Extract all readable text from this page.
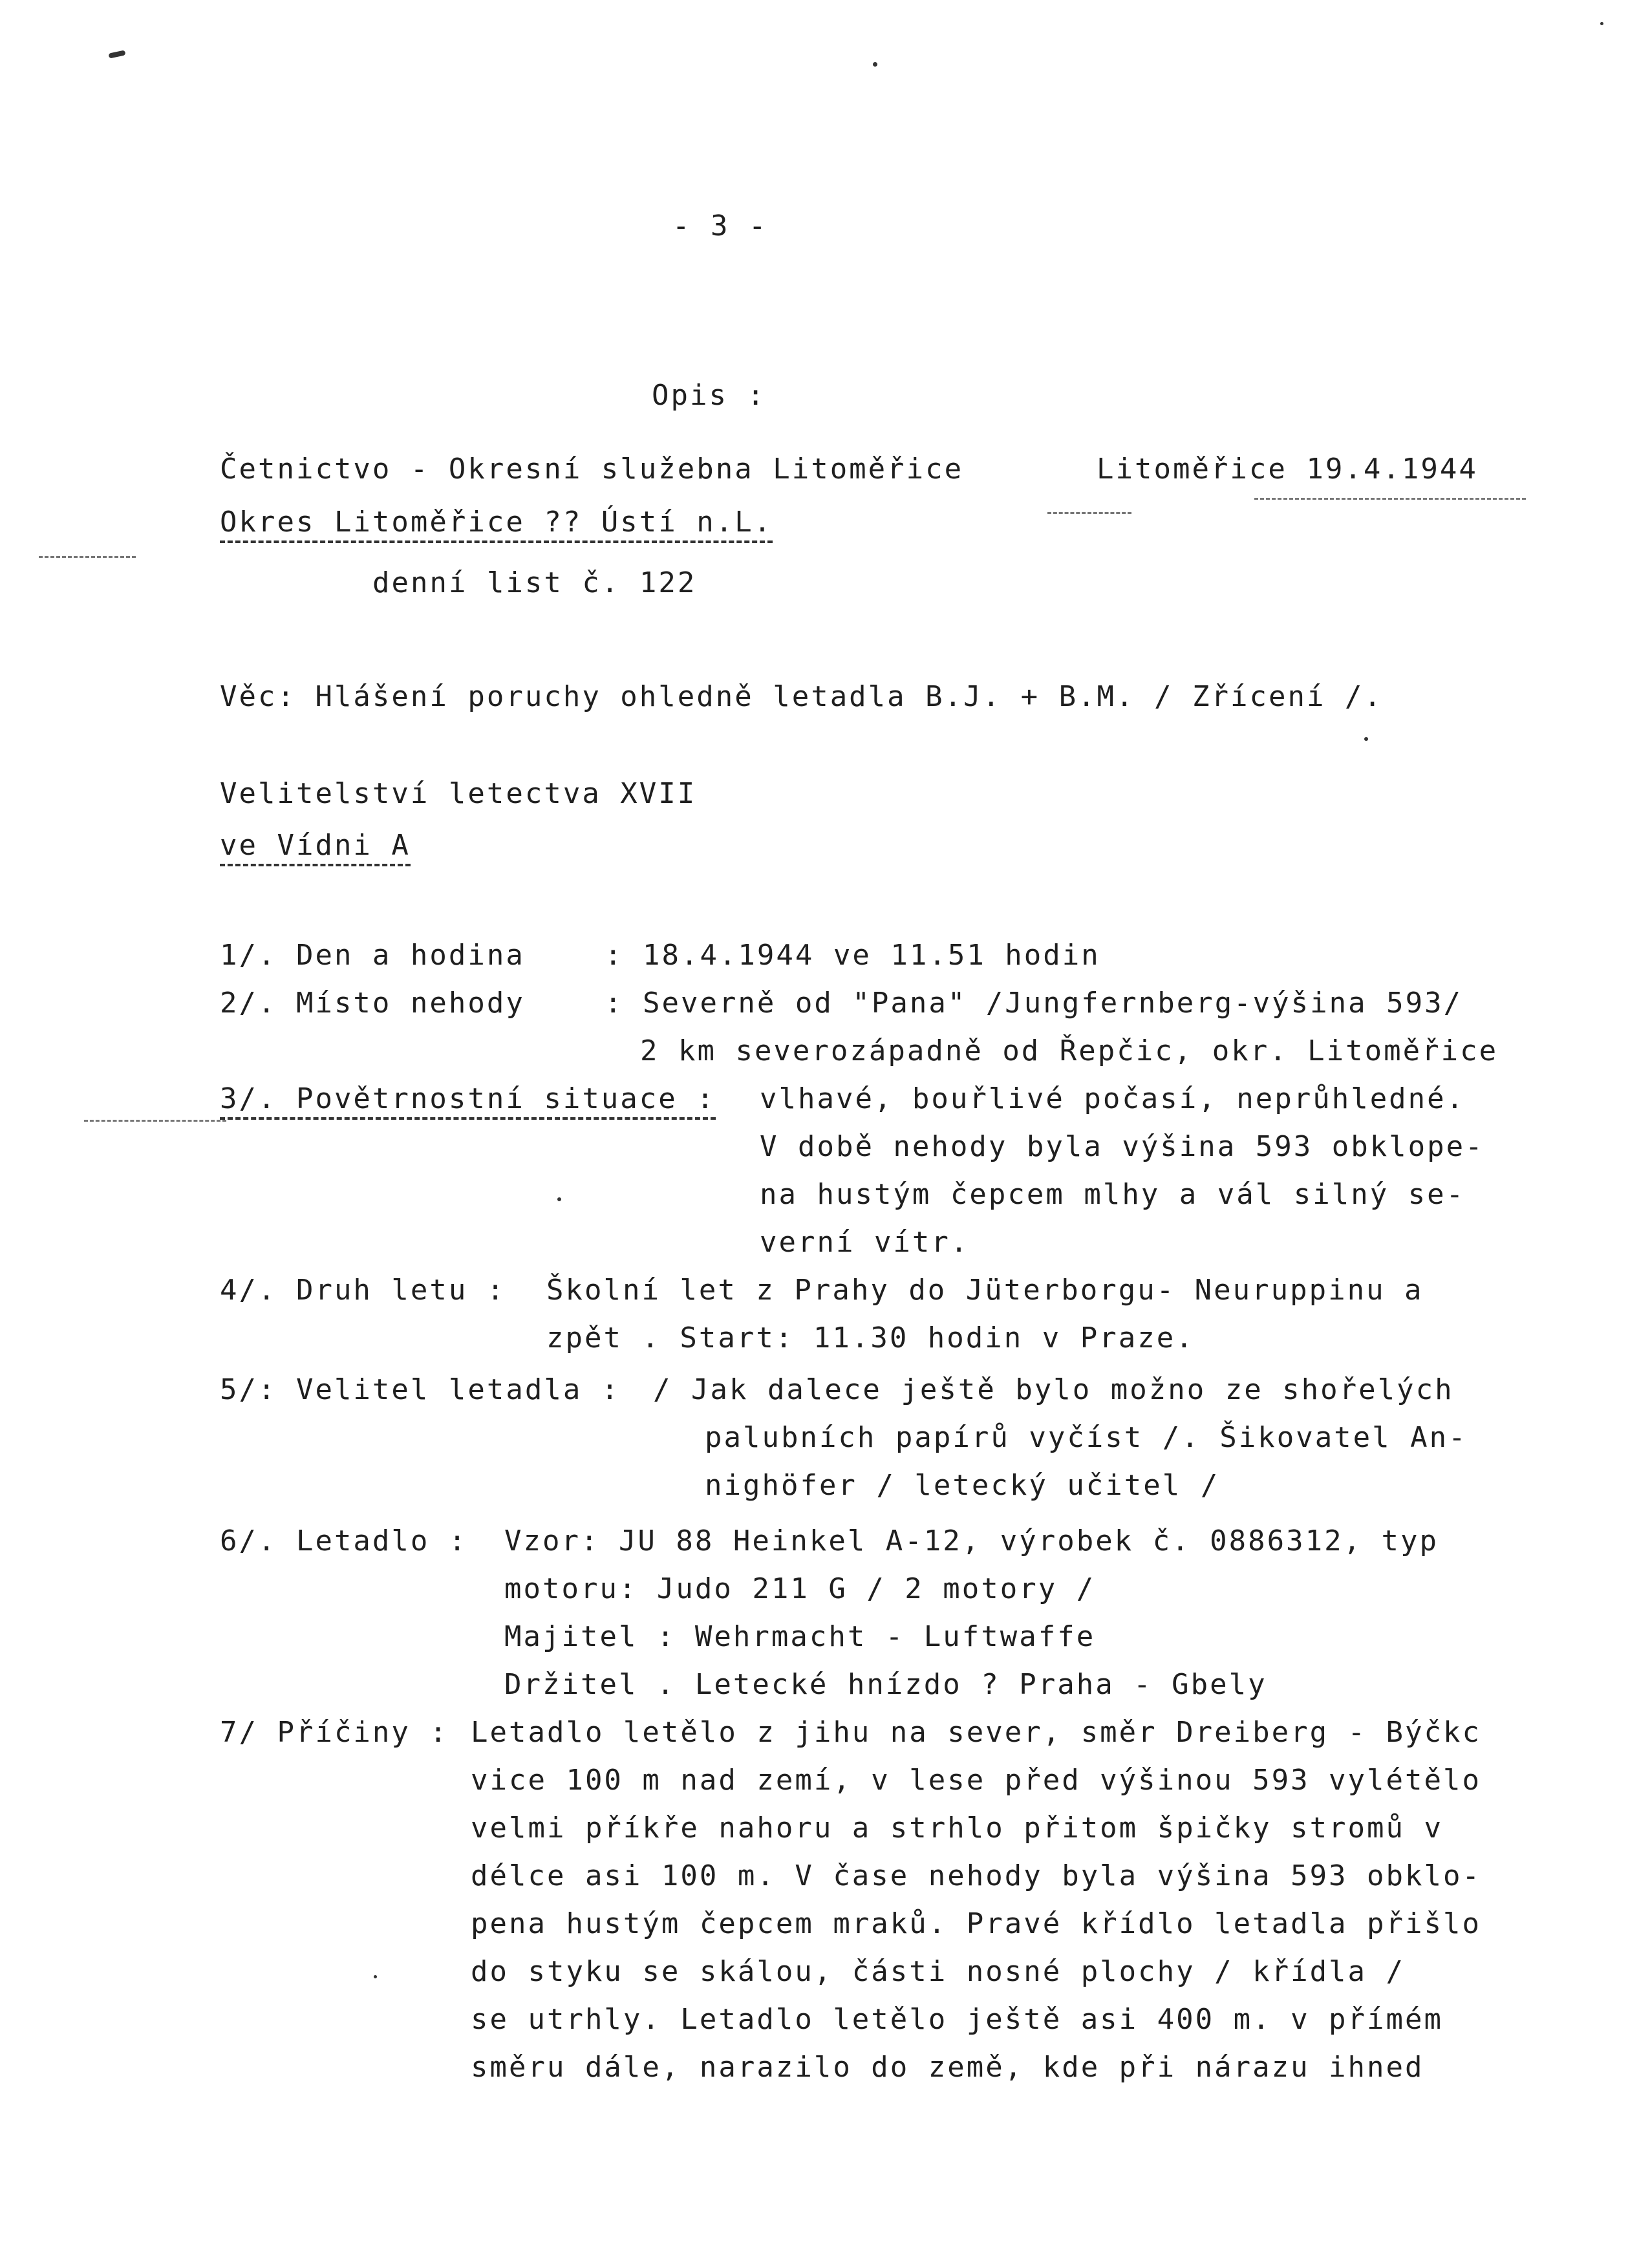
- 3 -

Opis :

Četnictvo - Okresní služebna Litoměřice	Litoměřice 19.4.1944
Okres Litoměřice ?? Ústí n.L.
denní list č. 122
Věc: Hlášení poruchy ohledně letadla B.J. + B.M. / Zřícení /.
Velitelství letectva XVII
ve Vídni A
1/. Den a hodina	: 18.4.1944 ve 11.51 hodin
2/. Místo nehody	: Severně od "Pana" /Jungfernberg-výšina 593/
2 km severozápadně od Řepčic, okr. Litoměřice
3/. Povětrnostní situace : vlhavé, bouřlivé počasí, neprůhledné.
V době nehody byla výšina 593 obklope-
na hustým čepcem mlhy a vál silný se-
verní vítr.
4/. Druh letu : Školní let z Prahy do Jüterborgu- Neuruppinu a
zpět . Start: 11.30 hodin v Praze.
5/: Velitel letadla : / Jak dalece ještě bylo možno ze shořelých
palubních papírů vyčíst /. Šikovatel An-
nighöfer / letecký učitel /
6/. Letadlo : Vzor: JU 88 Heinkel A-12, výrobek č. 0886312, typ
motoru: Judo 211 G / 2 motory /
Majitel : Wehrmacht - Luftwaffe
Držitel . Letecké hnízdo ? Praha - Gbely
7/ Příčiny : Letadlo letělo z jihu na sever, směr Dreiberg - Býčkc
vice 100 m nad zemí, v lese před výšinou 593 vylétělo
velmi příkře nahoru a strhlo přitom špičky stromů v
délce asi 100 m. V čase nehody byla výšina 593 obklo-
pena hustým čepcem mraků. Pravé křídlo letadla přišlo
do styku se skálou, části nosné plochy / křídla /
se utrhly. Letadlo letělo ještě asi 400 m. v přímém
směru dále, narazilo do země, kde při nárazu ihned
